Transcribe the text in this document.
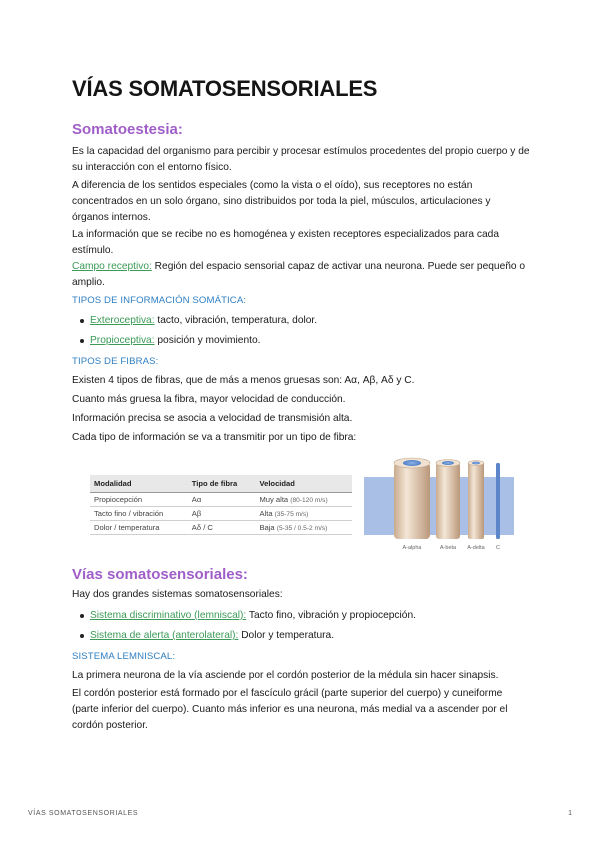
VÍAS SOMATOSENSORIALES
Somatoestesia:

Es la capacidad del organismo para percibir y procesar estímulos procedentes del propio cuerpo y de su interacción con el entorno físico.

A diferencia de los sentidos especiales (como la vista o el oído), sus receptores no están concentrados en un solo órgano, sino distribuidos por toda la piel, músculos, articulaciones y órganos internos.

La información que se recibe no es homogénea y existen receptores especializados para cada estímulo.

Campo receptivo: Región del espacio sensorial capaz de activar una neurona. Puede ser pequeño o amplio.

TIPOS DE INFORMACIÓN SOMÁTICA:
Exteroceptiva: tacto, vibración, temperatura, dolor.
Propioceptiva: posición y movimiento.
TIPOS DE FIBRAS:

Existen 4 tipos de fibras, que de más a menos gruesas son: Aα, Aβ, Aδ y C.

Cuanto más gruesa la fibra, mayor velocidad de conducción.

Información precisa se asocia a velocidad de transmisión alta.

Cada tipo de información se va a transmitir por un tipo de fibra:

Vías somatosensoriales:

Hay dos grandes sistemas somatosensoriales:

Sistema discriminativo (lemniscal): Tacto fino, vibración y propiocepción.
Sistema de alerta (anterolateral): Dolor y temperatura.
SISTEMA LEMNISCAL:

La primera neurona de la vía asciende por el cordón posterior de la médula sin hacer sinapsis.

El cordón posterior está formado por el fascículo grácil (parte superior del cuerpo) y cuneiforme (parte inferior del cuerpo). Cuanto más inferior es una neurona, más medial va a ascender por el cordón posterior.

Modalidad	Tipo de fibra	Velocidad
Propiocepción	Aα	Muy alta (80-120 m/s)
Tacto fino / vibración	Aβ	Alta (35-75 m/s)
Dolor / temperatura	Aδ / C	Baja (5-35 / 0.5-2 m/s)
A-alpha	A-beta A-delta C
VÍAS SOMATOSENSORIALES	1
